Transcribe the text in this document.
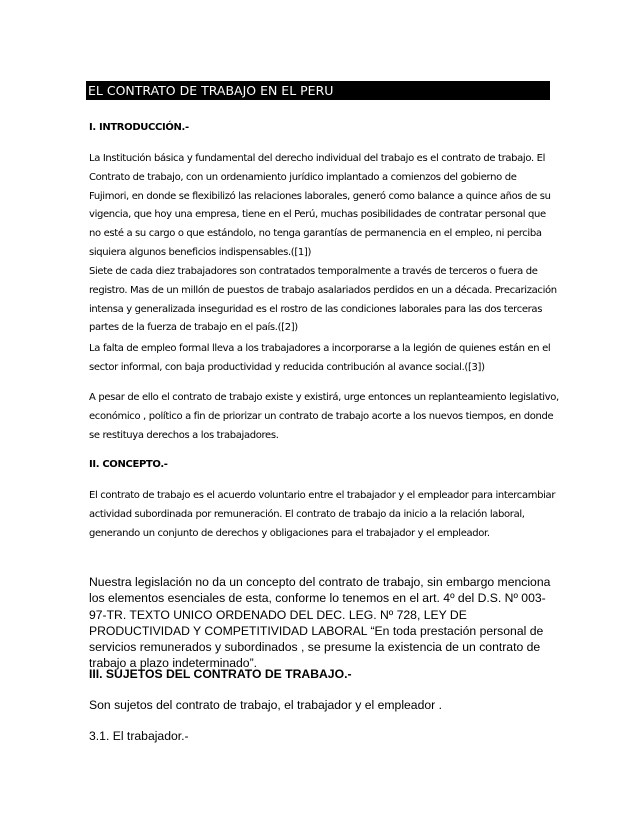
EL CONTRATO DE TRABAJO EN EL PERU

I. INTRODUCCIÓN.-

La Institución básica y fundamental del derecho individual del trabajo es el contrato de trabajo. El Contrato de trabajo, con un ordenamiento jurídico implantado a comienzos del gobierno de Fujimori, en donde se flexibilizó las relaciones laborales, generó como balance a quince años de su vigencia, que hoy una empresa, tiene en el Perú, muchas posibilidades de contratar personal que no esté a su cargo o que estándolo, no tenga garantías de permanencia en el empleo, ni perciba siquiera algunos beneficios indispensables.([1])

Siete de cada diez trabajadores son contratados temporalmente a través de terceros o fuera de registro. Mas de un millón de puestos de trabajo asalariados perdidos en un a década. Precarización intensa y generalizada inseguridad es el rostro de las condiciones laborales para las dos terceras partes de la fuerza de trabajo en el país.([2])

La falta de empleo formal lleva a los trabajadores a incorporarse a la legión de quienes están en el sector informal, con baja productividad y reducida contribución al avance social.([3])

A pesar de ello el contrato de trabajo existe y existirá, urge entonces un replanteamiento legislativo, económico , político a fin de priorizar un contrato de trabajo acorte a los nuevos tiempos, en donde se restituya derechos a los trabajadores.

II. CONCEPTO.-

El contrato de trabajo es el acuerdo voluntario entre el trabajador y el empleador para intercambiar actividad subordinada por remuneración. El contrato de trabajo da inicio a la relación laboral, generando un conjunto de derechos y obligaciones para el trabajador y el empleador.

Nuestra legislación no da un concepto del contrato de trabajo, sin embargo menciona los elementos esenciales de esta, conforme lo tenemos en el art. 4º del D.S. Nº 003-97-TR. TEXTO UNICO ORDENADO DEL DEC. LEG. Nº 728, LEY DE PRODUCTIVIDAD Y COMPETITIVIDAD LABORAL “En toda prestación personal de servicios remunerados y subordinados , se presume la existencia de un contrato de trabajo a plazo indeterminado”.

III. SUJETOS DEL CONTRATO DE TRABAJO.-

Son sujetos del contrato de trabajo, el trabajador y el empleador .

3.1. El trabajador.-
